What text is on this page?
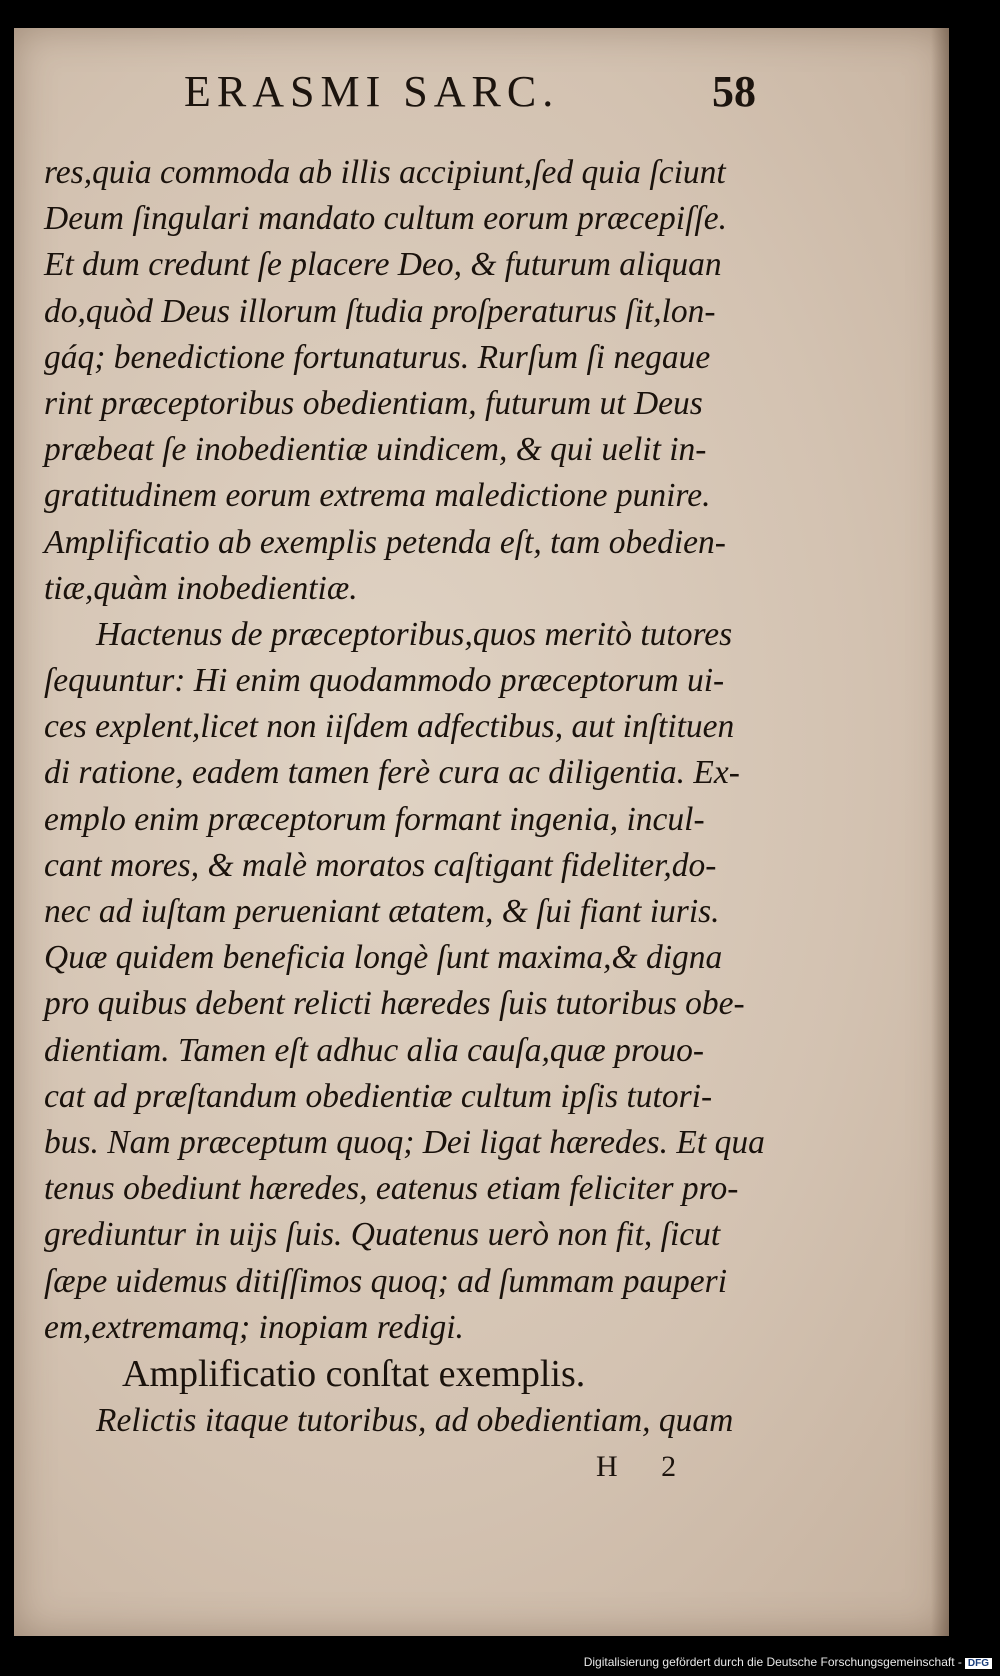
ERASMI SARC.	58
res,quia commoda ab illis accipiunt,ſed quia ſciunt
Deum ſingulari mandato cultum eorum præcepiſſe.
Et dum credunt ſe placere Deo, & futurum aliquan
do,quòd Deus illorum ſtudia proſperaturus ſit,lon-
gáq; benedictione fortunaturus. Rurſum ſi negaue
rint præceptoribus obedientiam, futurum ut Deus
præbeat ſe inobedientiæ uindicem, & qui uelit in-
gratitudinem eorum extrema maledictione punire.
Amplificatio ab exemplis petenda eſt, tam obedien-
tiæ,quàm inobedientiæ.
Hactenus de præceptoribus,quos meritò tutores
ſequuntur: Hi enim quodammodo præceptorum ui-
ces explent,licet non iiſdem adfectibus, aut inſtituen
di ratione, eadem tamen ferè cura ac diligentia. Ex-
emplo enim præceptorum formant ingenia, incul-
cant mores, & malè moratos caſtigant fideliter,do-
nec ad iuſtam perueniant ætatem, & ſui fiant iuris.
Quæ quidem beneficia longè ſunt maxima,& digna
pro quibus debent relicti hæredes ſuis tutoribus obe-
dientiam. Tamen eſt adhuc alia cauſa,quæ prouo-
cat ad præſtandum obedientiæ cultum ipſis tutori-
bus. Nam præceptum quoq; Dei ligat hæredes. Et qua
tenus obediunt hæredes, eatenus etiam feliciter pro-
grediuntur in uijs ſuis. Quatenus uerò non fit, ſicut
ſæpe uidemus ditiſſimos quoq; ad ſummam pauperi
em,extremamq; inopiam redigi.
Amplificatio conſtat exemplis.
Relictis itaque tutoribus, ad obedientiam, quam
H 2
Digitalisierung gefördert durch die Deutsche Forschungsgemeinschaft - DFG
